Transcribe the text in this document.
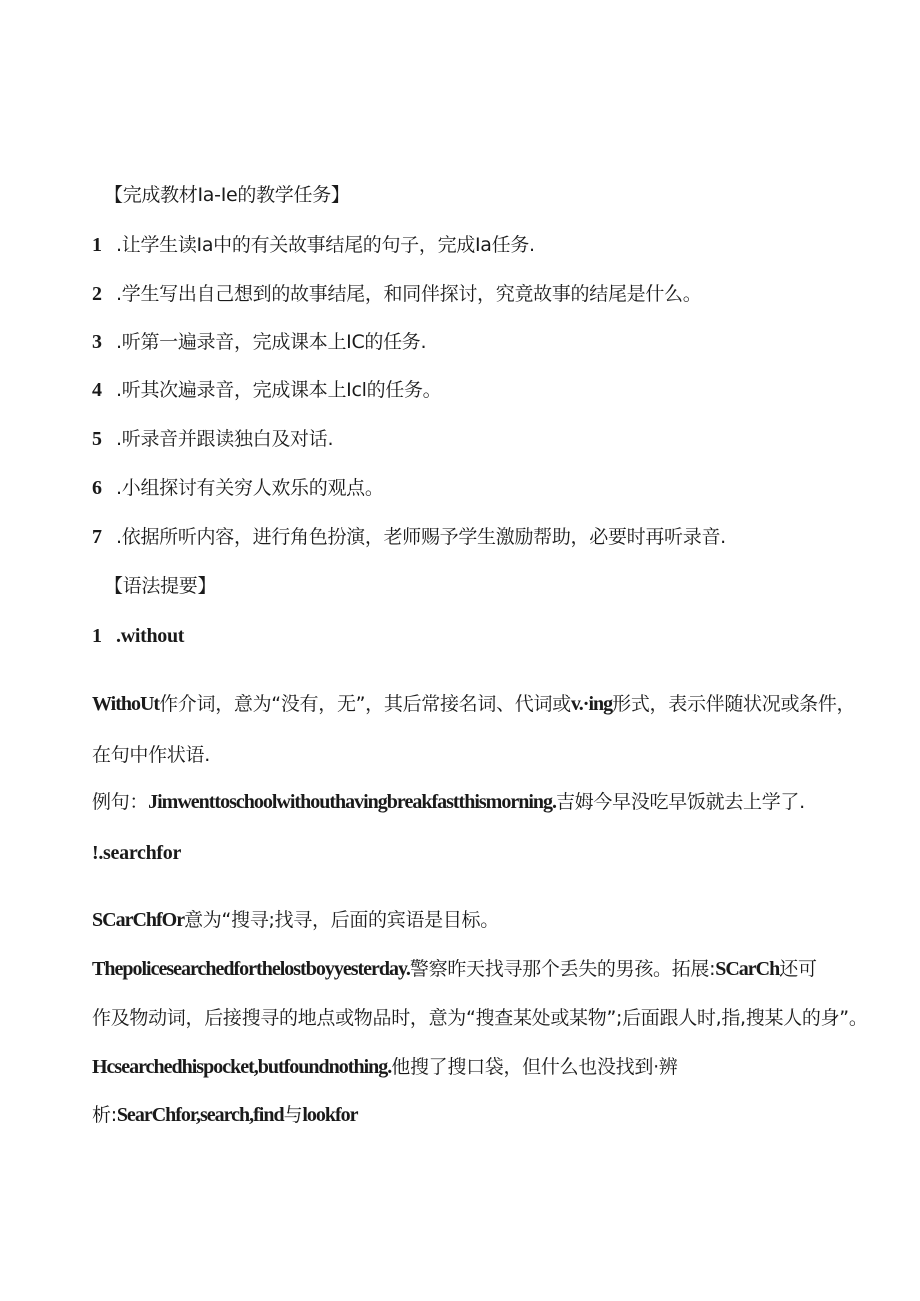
【完成教材Ia-Ie的教学任务】
1 .让学生读Ia中的有关故事结尾的句子，完成Ia任务.
2 .学生写出自己想到的故事结尾，和同伴探讨，究竟故事的结尾是什么。
3 .听第一遍录音，完成课本上IC的任务.
4 .听其次遍录音，完成课本上Icl的任务。
5 .听录音并跟读独白及对话.
6 .小组探讨有关穷人欢乐的观点。
7 .依据所听内容，进行角色扮演，老师赐予学生激励帮助，必要时再听录音.
【语法提要】
1 .without
WithoUt作介词，意为“没有，无”，其后常接名词、代词或v.·ing形式，表示伴随状况或条件，
在句中作状语.
例句：Jimwenttoschoolwithouthavingbreakfastthismorning.吉姆今早没吃早饭就去上学了.
!.searchfor
SCarChfOr意为“搜寻;找寻，后面的宾语是目标。
Thepolicesearchedforthelostboyyesterday.警察昨天找寻那个丢失的男孩。拓展:SCarCh还可
作及物动词，后接搜寻的地点或物品时，意为“搜查某处或某物”;后面跟人时,指,搜某人的身”。
Hcsearchedhispocket,butfoundnothing.他搜了搜口袋，但什么也没找到·辨
析:SearChfor,search,find与lookfor
